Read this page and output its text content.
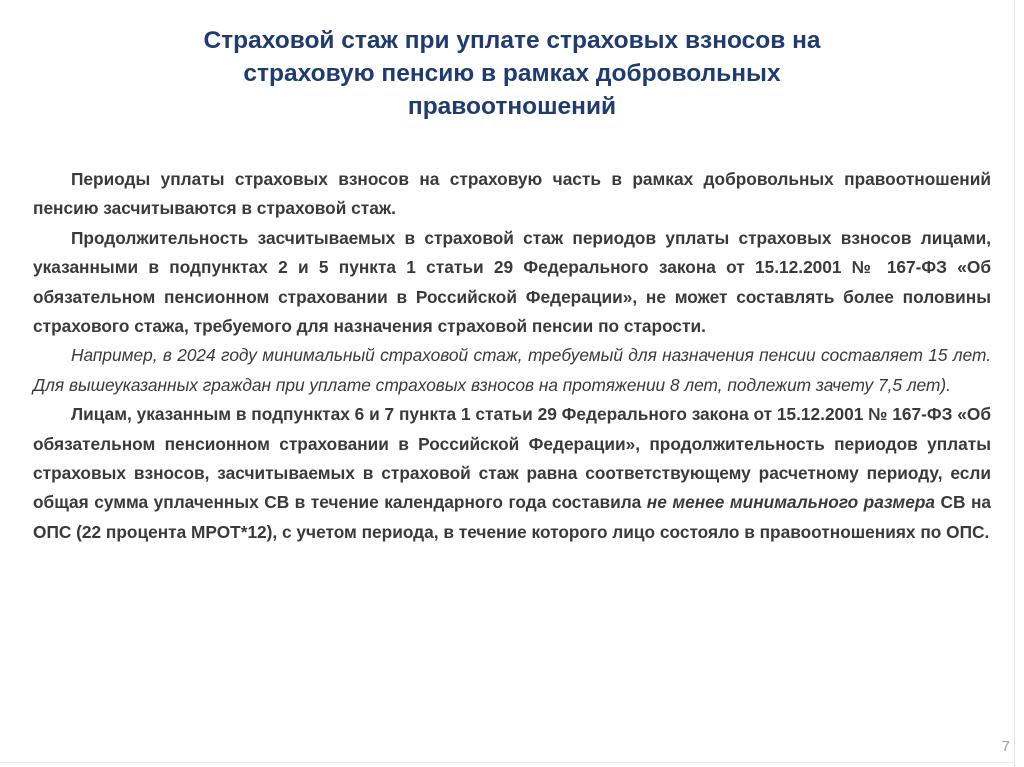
Страховой стаж при уплате страховых взносов на
страховую пенсию в рамках добровольных
правоотношений

Периоды уплаты страховых взносов на страховую часть в рамках добровольных правоотношений пенсию засчитываются в страховой стаж.

Продолжительность засчитываемых в страховой стаж периодов уплаты страховых взносов лицами, указанными в подпунктах 2 и 5 пункта 1 статьи 29 Федерального закона от 15.12.2001 № 167-ФЗ «Об обязательном пенсионном страховании в Российской Федерации», не может составлять более половины страхового стажа, требуемого для назначения страховой пенсии по старости.

Например, в 2024 году минимальный страховой стаж, требуемый для назначения пенсии составляет 15 лет. Для вышеуказанных граждан при уплате страховых взносов на протяжении 8 лет, подлежит зачету 7,5 лет).

Лицам, указанным в подпунктах 6 и 7 пункта 1 статьи 29 Федерального закона от 15.12.2001 № 167-ФЗ «Об обязательном пенсионном страховании в Российской Федерации», продолжительность периодов уплаты страховых взносов, засчитываемых в страховой стаж равна соответствующему расчетному периоду, если общая сумма уплаченных СВ в течение календарного года составила не менее минимального размера СВ на ОПС (22 процента МРОТ*12), с учетом периода, в течение которого лицо состояло в правоотношениях по ОПС.

7
